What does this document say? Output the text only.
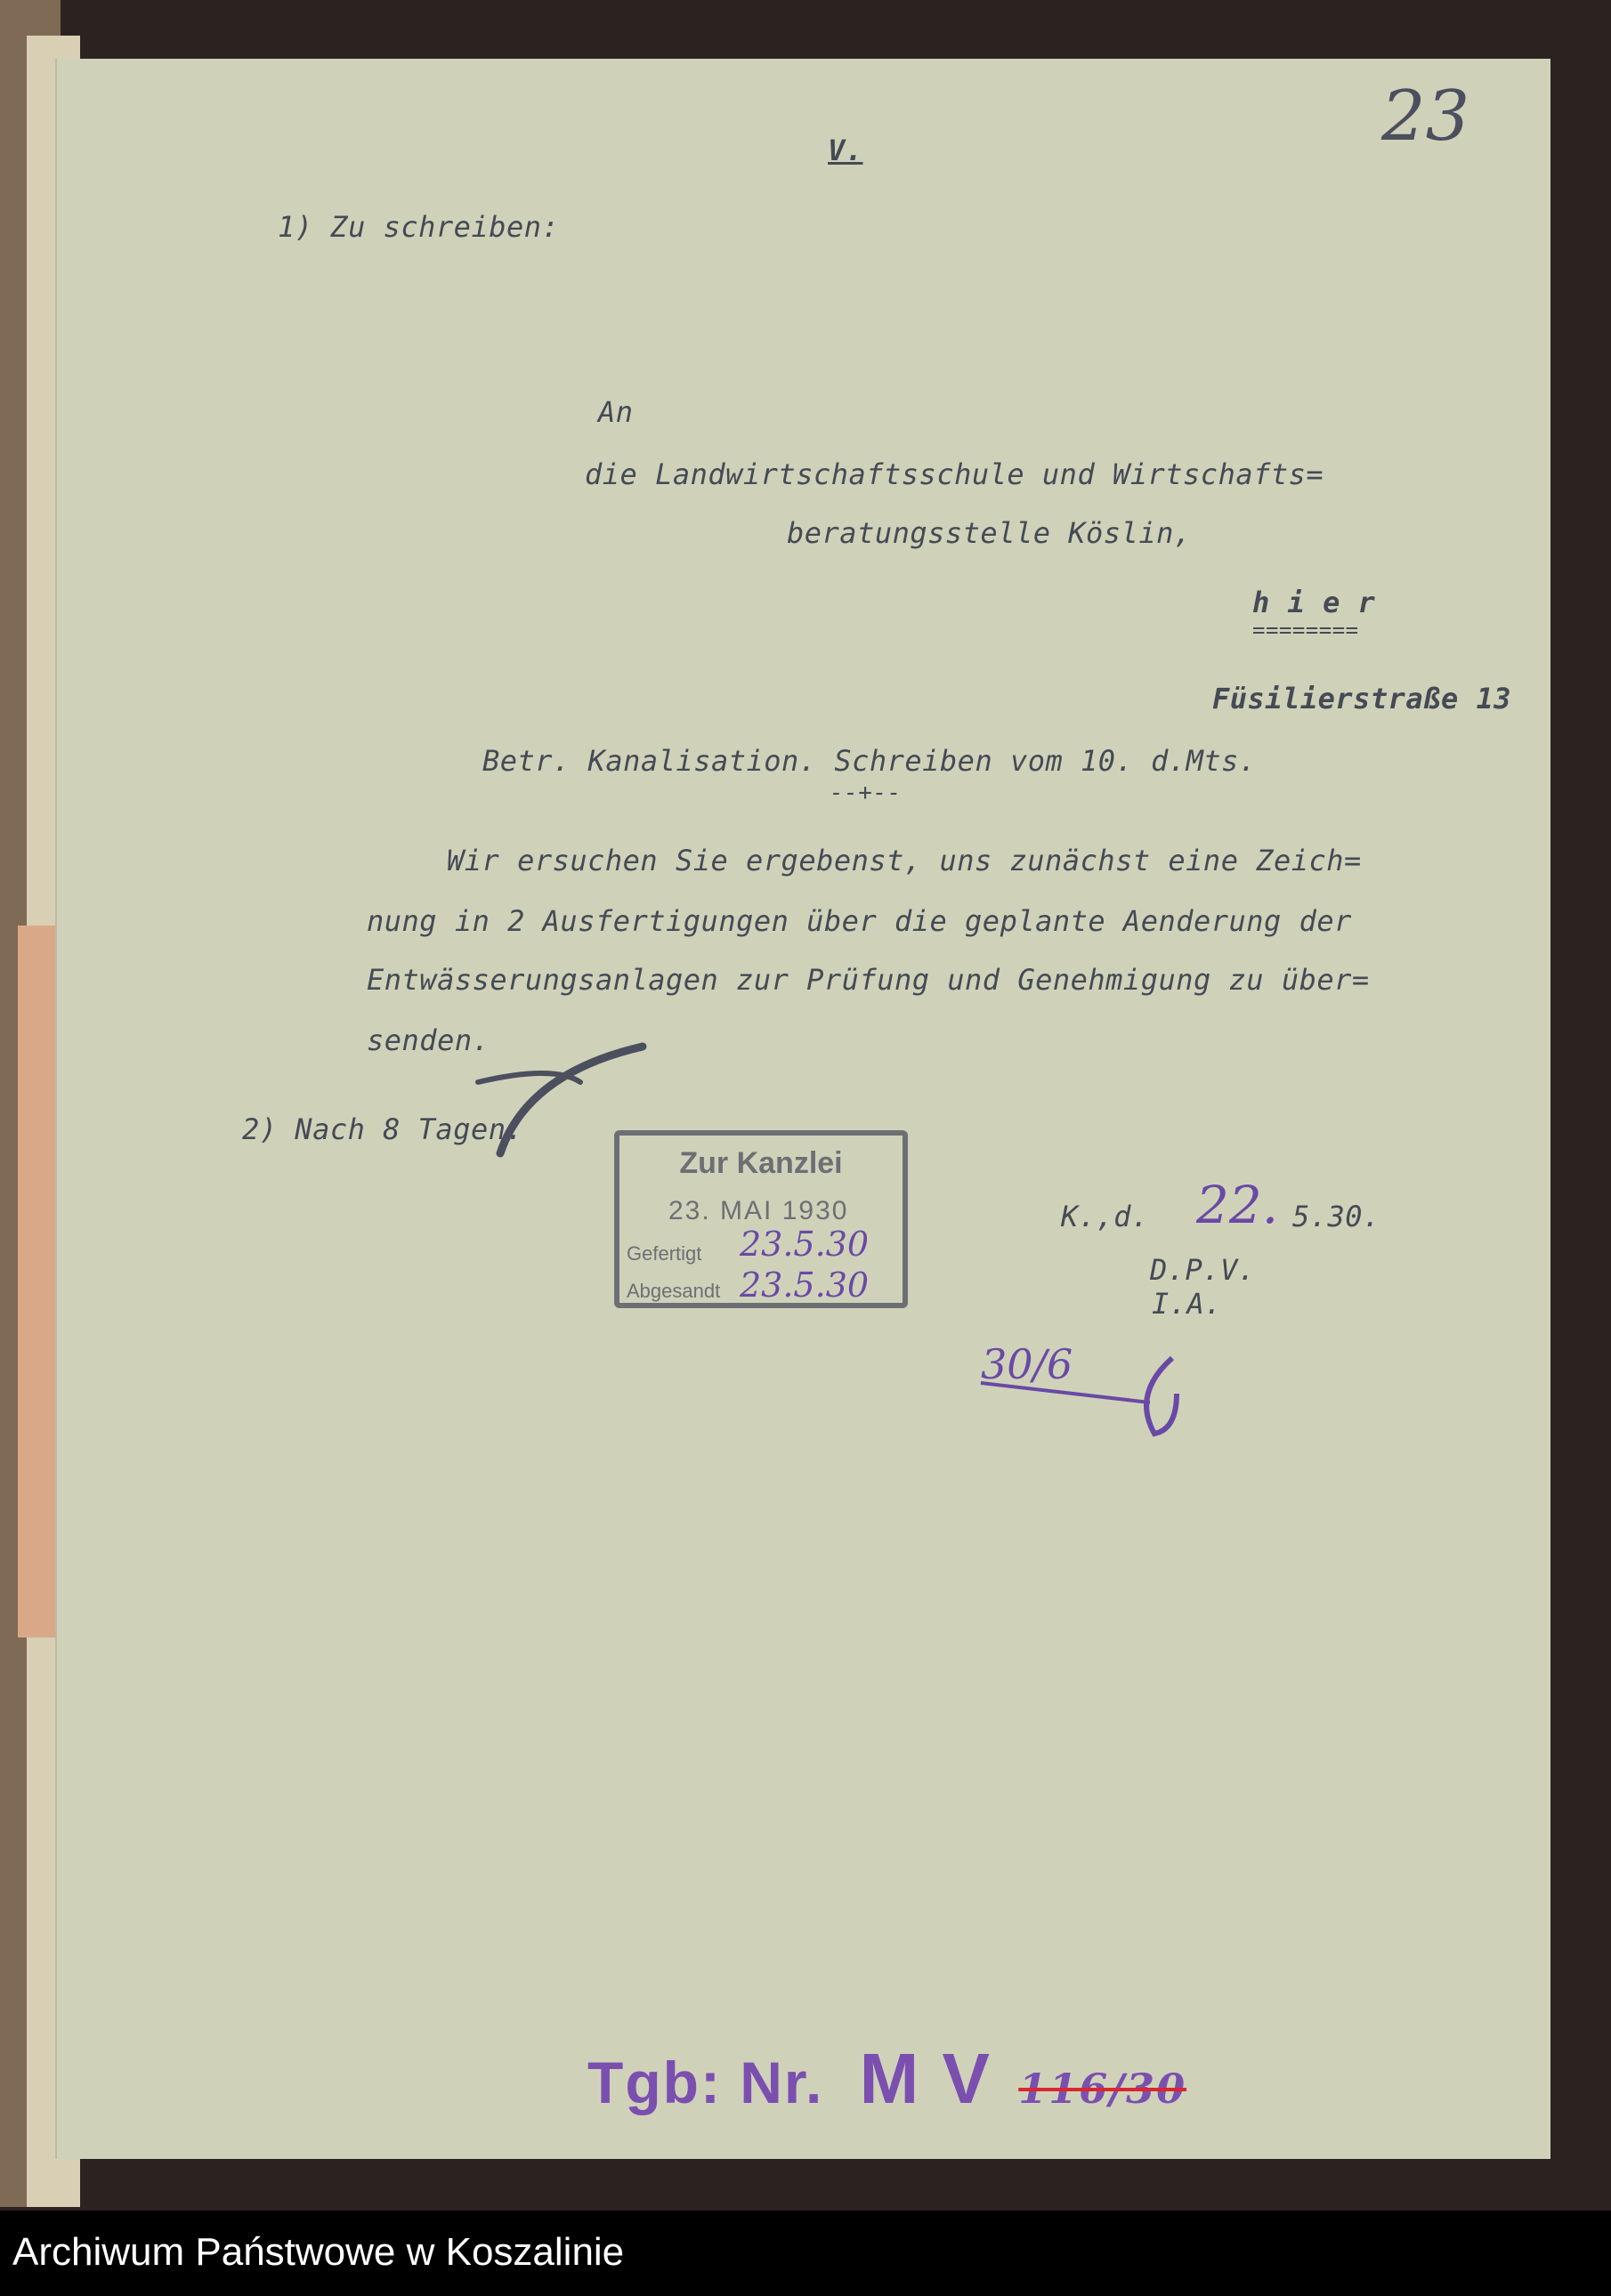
23
V.
1) Zu schreiben:
An
die Landwirtschaftsschule und Wirtschafts=
beratungsstelle Köslin,
h i e r
========
Füsilierstraße 13
Betr. Kanalisation. Schreiben vom 10. d.Mts.
--+--
Wir ersuchen Sie ergebenst, uns zunächst eine Zeich=
nung in 2 Ausfertigungen über die geplante Aenderung der
Entwässerungsanlagen zur Prüfung und Genehmigung zu über=
senden.
2) Nach 8 Tagen.
K.,d. 22. 5.30.
D.P.V.
I.A.
30/6
Zur Kanzlei
23. MAI 1930
Gefertigt 23.5.30
Abgesandt 23.5.30
Tgb: Nr. M V 116/30
Archiwum Państwowe w Koszalinie
